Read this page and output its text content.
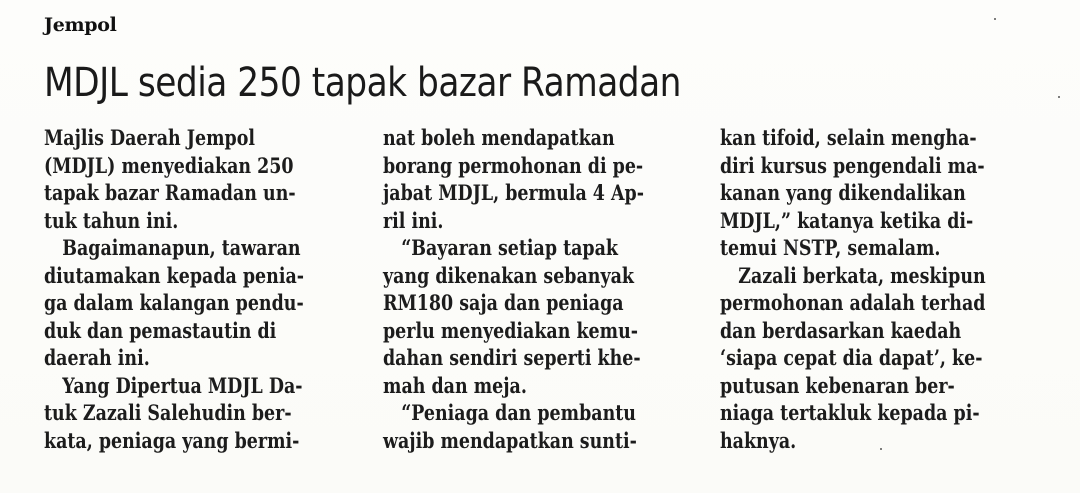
Jempol
MDJL sedia 250 tapak bazar Ramadan
Majlis Daerah Jempol
(MDJL) menyediakan 250
tapak bazar Ramadan un-
tuk tahun ini.
Bagaimanapun, tawaran
diutamakan kepada penia-
ga dalam kalangan pendu-
duk dan pemastautin di
daerah ini.
Yang Dipertua MDJL Da-
tuk Zazali Salehudin ber-
kata, peniaga yang bermi-
nat boleh mendapatkan
borang permohonan di pe-
jabat MDJL, bermula 4 Ap-
ril ini.
“Bayaran setiap tapak
yang dikenakan sebanyak
RM180 saja dan peniaga
perlu menyediakan kemu-
dahan sendiri seperti khe-
mah dan meja.
“Peniaga dan pembantu
wajib mendapatkan sunti-
kan tifoid, selain mengha-
diri kursus pengendali ma-
kanan yang dikendalikan
MDJL,” katanya ketika di-
temui NSTP, semalam.
Zazali berkata, meskipun
permohonan adalah terhad
dan berdasarkan kaedah
‘siapa cepat dia dapat’, ke-
putusan kebenaran ber-
niaga tertakluk kepada pi-
haknya.
